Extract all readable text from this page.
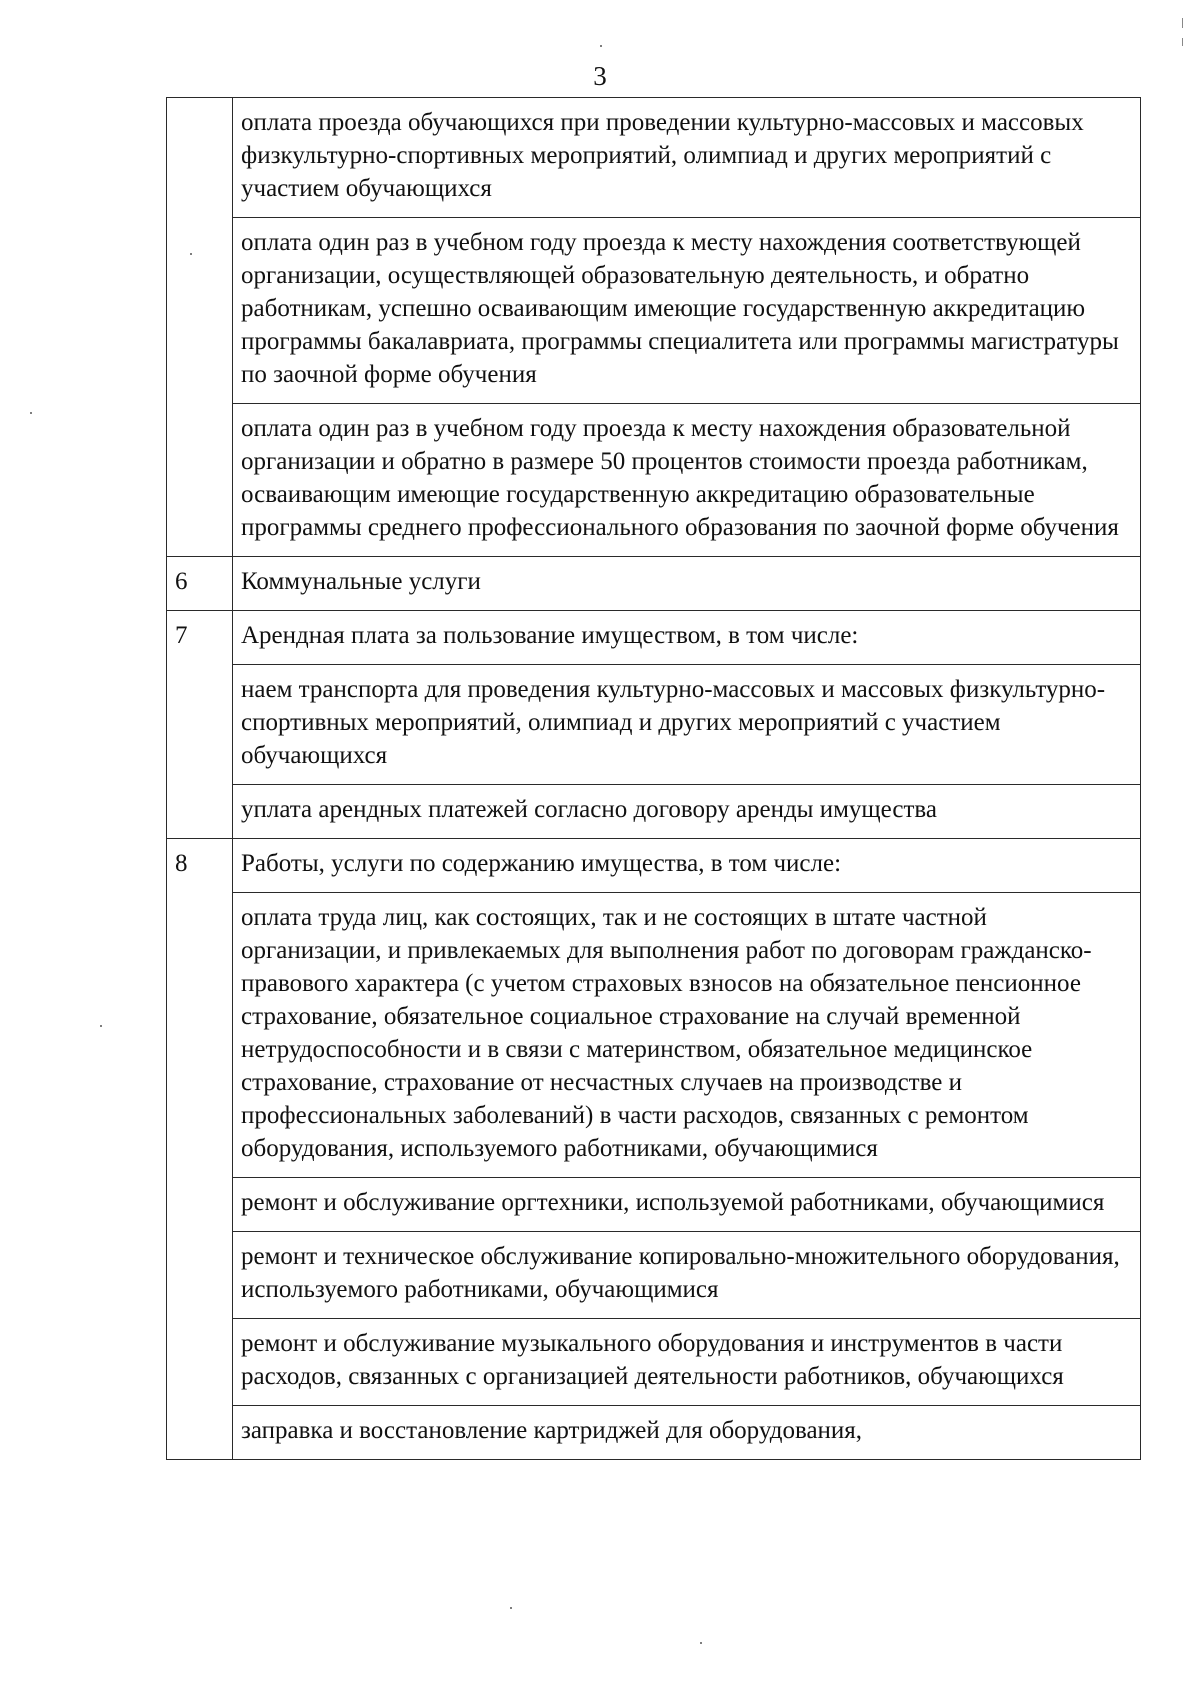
3
	оплата проезда обучающихся при проведении культурно-массовых и массовых физкультурно-спортивных мероприятий, олимпиад и других мероприятий с участием обучающихся
	оплата один раз в учебном году проезда к месту нахождения соответствующей организации, осуществляющей образовательную деятельность, и обратно работникам, успешно осваивающим имеющие государственную аккредитацию программы бакалавриата, программы специалитета или программы магистратуры по заочной форме обучения
	оплата один раз в учебном году проезда к месту нахождения образовательной организации и обратно в размере 50 процентов стоимости проезда работникам, осваивающим имеющие государственную аккредитацию образовательные программы среднего профессионального образования по заочной форме обучения
6	Коммунальные услуги
7	Арендная плата за пользование имуществом, в том числе:
	наем транспорта для проведения культурно-массовых и массовых физкультурно-спортивных мероприятий, олимпиад и других мероприятий с участием обучающихся
	уплата арендных платежей согласно договору аренды имущества
8	Работы, услуги по содержанию имущества, в том числе:
	оплата труда лиц, как состоящих, так и не состоящих в штате частной организации, и привлекаемых для выполнения работ по договорам гражданско-правового характера (с учетом страховых взносов на обязательное пенсионное страхование, обязательное социальное страхование на случай временной нетрудоспособности и в связи с материнством, обязательное медицинское страхование, страхование от несчастных случаев на производстве и профессиональных заболеваний) в части расходов, связанных с ремонтом оборудования, используемого работниками, обучающимися
	ремонт и обслуживание оргтехники, используемой работниками, обучающимися
	ремонт и техническое обслуживание копировально-множительного оборудования, используемого работниками, обучающимися
	ремонт и обслуживание музыкального оборудования и инструментов в части расходов, связанных с организацией деятельности работников, обучающихся
	заправка и восстановление картриджей для оборудования,
